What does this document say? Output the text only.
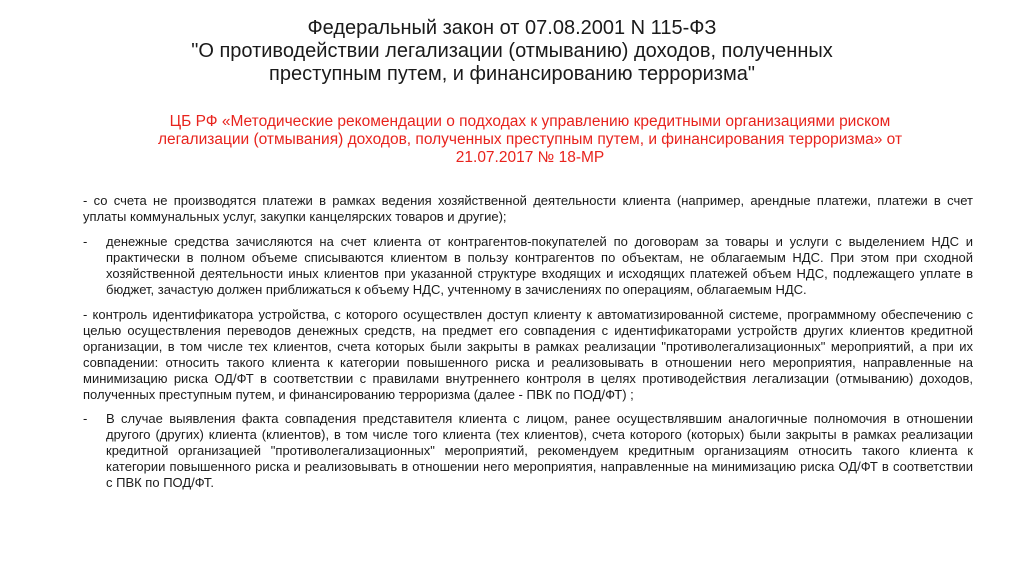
Федеральный закон от 07.08.2001 N 115-ФЗ
"О противодействии легализации (отмыванию) доходов, полученных
преступным путем, и финансированию терроризма"
ЦБ РФ «Методические рекомендации о подходах к управлению кредитными организациями риском
легализации (отмывания) доходов, полученных преступным путем, и финансирования терроризма» от
21.07.2017 № 18-МР

- со счета не производятся платежи в рамках ведения хозяйственной деятельности клиента (например, арендные платежи, платежи в счет уплаты коммунальных услуг, закупки канцелярских товаров и другие);

- денежные средства зачисляются на счет клиента от контрагентов-покупателей по договорам за товары и услуги с выделением НДС и практически в полном объеме списываются клиентом в пользу контрагентов по объектам, не облагаемым НДС. При этом при сходной хозяйственной деятельности иных клиентов при указанной структуре входящих и исходящих платежей объем НДС, подлежащего уплате в бюджет, зачастую должен приближаться к объему НДС, учтенному в зачислениях по операциям, облагаемым НДС.

- контроль идентификатора устройства, с которого осуществлен доступ клиенту к автоматизированной системе, программному обеспечению с целью осуществления переводов денежных средств, на предмет его совпадения с идентификаторами устройств других клиентов кредитной организации, в том числе тех клиентов, счета которых были закрыты в рамках реализации "противолегализационных" мероприятий, а при их совпадении: относить такого клиента к категории повышенного риска и реализовывать в отношении него мероприятия, направленные на минимизацию риска ОД/ФТ в соответствии с правилами внутреннего контроля в целях противодействия легализации (отмыванию) доходов, полученных преступным путем, и финансированию терроризма (далее - ПВК по ПОД/ФТ) ;

- В случае выявления факта совпадения представителя клиента с лицом, ранее осуществлявшим аналогичные полномочия в отношении другого (других) клиента (клиентов), в том числе того клиента (тех клиентов), счета которого (которых) были закрыты в рамках реализации кредитной организацией "противолегализационных" мероприятий, рекомендуем кредитным организациям относить такого клиента к категории повышенного риска и реализовывать в отношении него мероприятия, направленные на минимизацию риска ОД/ФТ в соответствии с ПВК по ПОД/ФТ.
